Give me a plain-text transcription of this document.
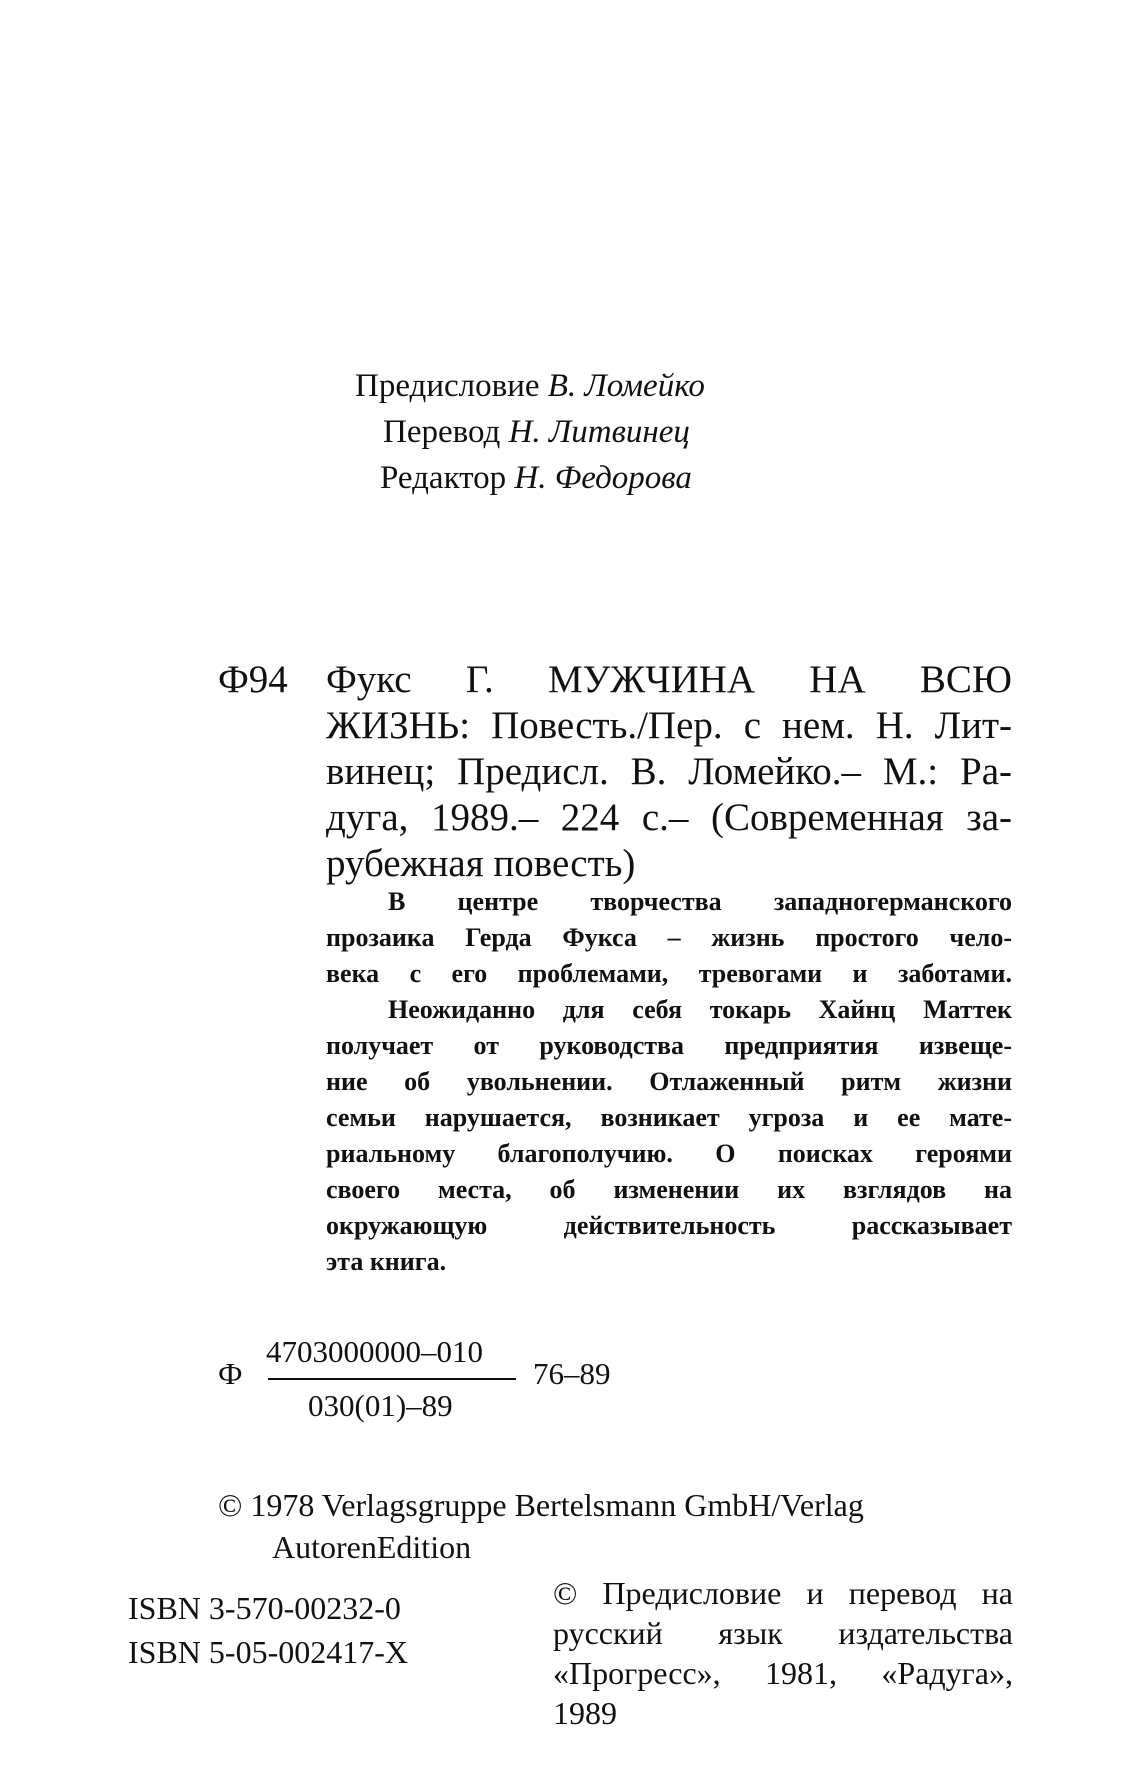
Предисловие В. Ломейко
Перевод Н. Литвинец
Редактор Н. Федорова
Ф94 Фукс Г. МУЖЧИНА НА ВСЮ
ЖИЗНЬ: Повесть./Пер. с нем. Н. Лит-
винец; Предисл. В. Ломейко.– М.: Ра-
дуга, 1989.– 224 с.– (Современная за-
рубежная повесть)
В центре творчества западногерманского
прозаика Герда Фукса – жизнь простого чело-
века с его проблемами, тревогами и заботами.
Неожиданно для себя токарь Хайнц Маттек
получает от руководства предприятия извеще-
ние об увольнении. Отлаженный ритм жизни
семьи нарушается, возникает угроза и ее мате-
риальному благополучию. О поисках героями
своего места, об изменении их взглядов на
окружающую действительность рассказывает
эта книга.
Ф
4703000000–010
030(01)–89
76–89
© 1978 Verlagsgruppe Bertelsmann GmbH/Verlag
AutorenEdition
ISBN 3-570-00232-0
ISBN 5-05-002417-X
© Предисловие и перевод на
русский язык издательства
«Прогресс», 1981, «Радуга»,
1989
